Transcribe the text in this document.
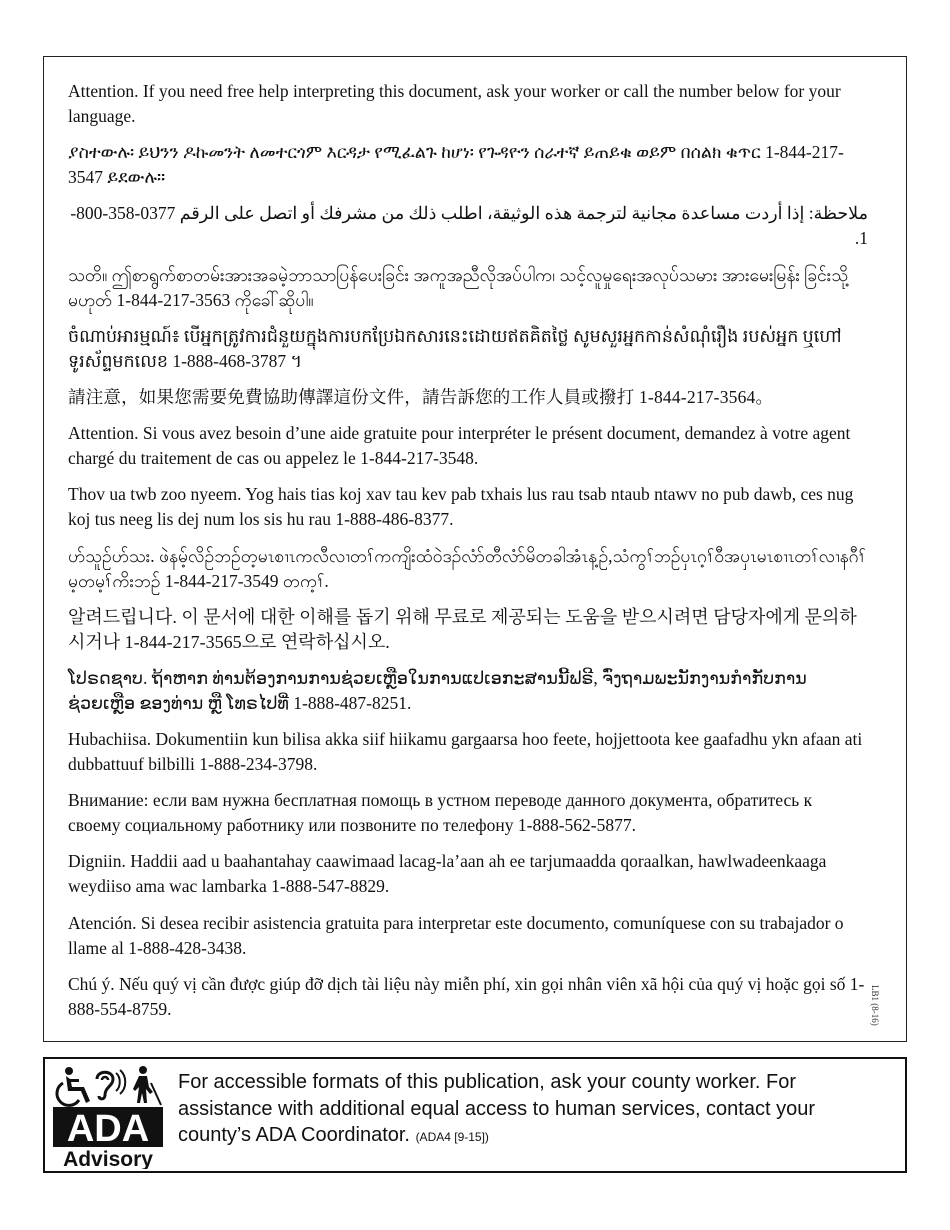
Attention. If you need free help interpreting this document, ask your worker or call the number below for your language.

ያስተውሉ፡ ይህንን ዶኩመንት ለመተርጎም እርዳታ የሚፈልጉ ከሆነ፡ የጉዳዮን ሰራተኛ ይጠይቁ ወይም በሰልክ ቁጥር 1-844-217-3547 ይደውሉ።

ملاحظة: إذا أردت مساعدة مجانية لترجمة هذه الوثيقة، اطلب ذلك من مشرفك أو اتصل على الرقم 0377-358-800-1.

သတိ။ ဤစာရွက်စာတမ်းအားအခမဲ့ဘာသာပြန်ပေးခြင်း အကူအညီလိုအပ်ပါက၊ သင့်လူမှုရေးအလုပ်သမား အားမေးမြန်း ခြင်းသို့ မဟုတ် 1-844-217-3563 ကိုခေါ်ဆိုပါ။

ចំណាប់អារម្មណ៍៖ បើអ្នកត្រូវការជំនួយក្នុងការបកប្រែឯកសារនេះដោយឥតគិតថ្លៃ សូមសួរអ្នកកាន់សំណុំរឿង របស់អ្នក ឬហៅទូរស័ព្ទមកលេខ 1-888-468-3787 ។

請注意，如果您需要免費協助傳譯這份文件，請告訴您的工作人員或撥打 1-844-217-3564。

Attention. Si vous avez besoin d’une aide gratuite pour interpréter le présent document, demandez à votre agent chargé du traitement de cas ou appelez le 1-844-217-3548.

Thov ua twb zoo nyeem. Yog hais tias koj xav tau kev pab txhais lus rau tsab ntaub ntawv no pub dawb, ces nug koj tus neeg lis dej num los sis hu rau 1-888-486-8377.

ဟ်သူဉ်ဟ်သး. ဖဲနမ့်လိဉ်ဘဉ်တ့မၤစၢၤကလီလၢတၢ်ကကျိးထံဝဲဒၣ်လံာ်တီလံာ်မိတခါအံၤန့ဉ်,သံကွၢ်ဘဉ်ပှၤဂ့ၢ်ဝီအပှၤမၤစၢၤတၢ်လၢနဂီၢ်မ့တမ့ၢ်ကိးဘဉ် 1-844-217-3549 တက့ၢ်.

알려드립니다. 이 문서에 대한 이해를 돕기 위해 무료로 제공되는 도움을 받으시려면 담당자에게 문의하시거나 1-844-217-3565으로 연락하십시오.

ໂປຣດຊາບ. ຖ້າຫາກ ທ່ານຕ້ອງການການຊ່ວຍເຫຼືອໃນການແປເອກະສານນີ້ຟຣີ, ຈົ່ງຖາມພະນັກງານກໍາກັບການຊ່ວຍເຫຼືອ ຂອງທ່ານ ຫຼື ໂທຣໄປທີ່ 1-888-487-8251.

Hubachiisa. Dokumentiin kun bilisa akka siif hiikamu gargaarsa hoo feete, hojjettoota kee gaafadhu ykn afaan ati dubbattuuf bilbilli 1-888-234-3798.

Внимание: если вам нужна бесплатная помощь в устном переводе данного документа, обратитесь к своему социальному работнику или позвоните по телефону 1-888-562-5877.

Digniin. Haddii aad u baahantahay caawimaad lacag-la’aan ah ee tarjumaadda qoraalkan, hawlwadeenkaaga weydiiso ama wac lambarka 1-888-547-8829.

Atención. Si desea recibir asistencia gratuita para interpretar este documento, comuníquese con su trabajador o llame al 1-888-428-3438.

Chú ý. Nếu quý vị cần được giúp đỡ dịch tài liệu này miễn phí, xin gọi nhân viên xã hội của quý vị hoặc gọi số 1-888-554-8759.	LB1 (8-16)
ADA
Advisory
For accessible formats of this publication, ask your county worker. For assistance with additional equal access to human services, contact your county’s ADA Coordinator. (ADA4 [9-15])
